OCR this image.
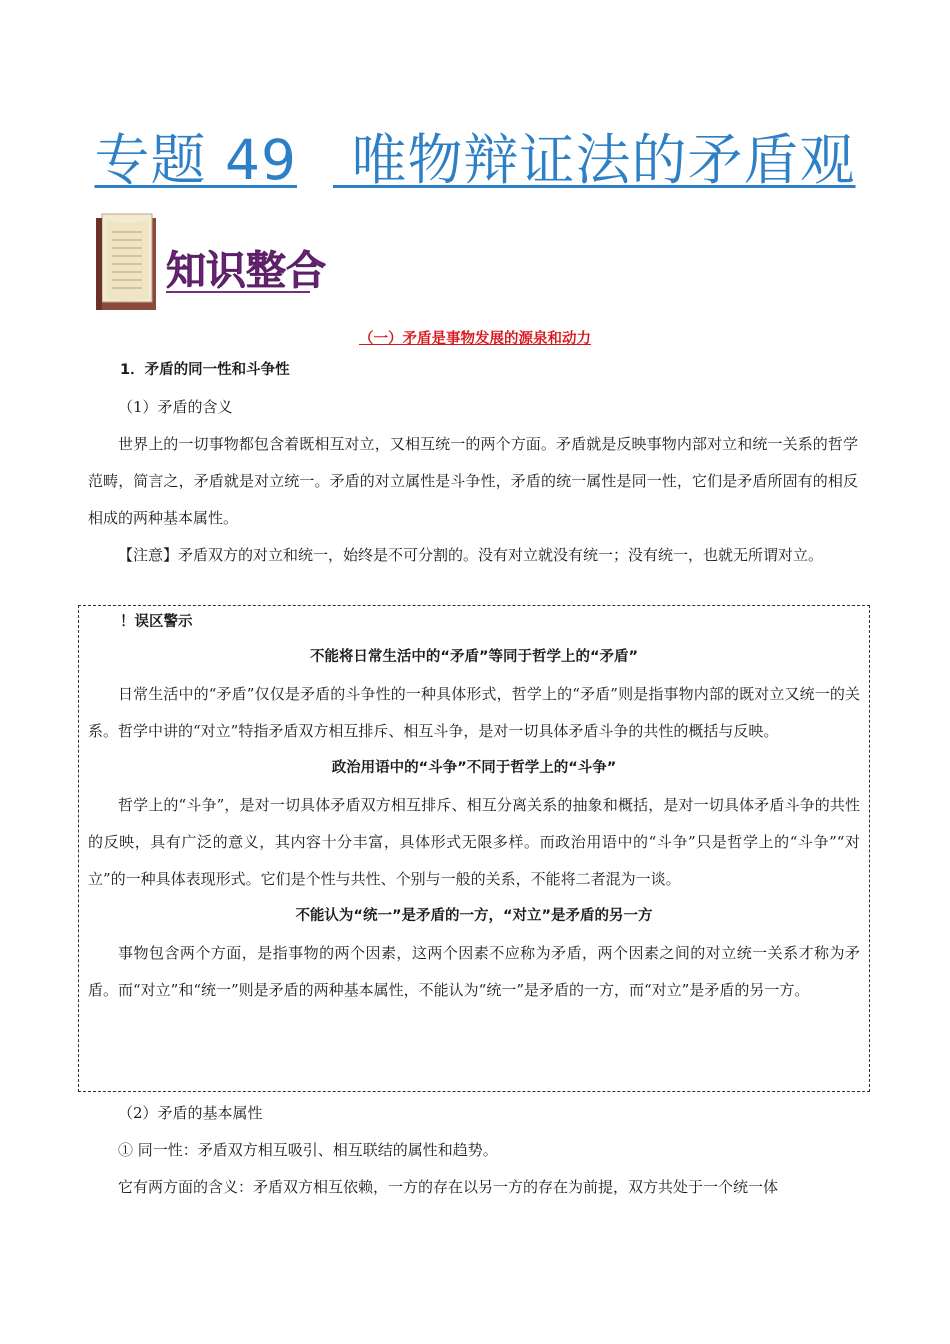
专题 49 唯物辩证法的矛盾观
知识整合
（一）矛盾是事物发展的源泉和动力

1．矛盾的同一性和斗争性

（1）矛盾的含义

世界上的一切事物都包含着既相互对立，又相互统一的两个方面。矛盾就是反映事物内部对立和统一关系的哲学范畴，简言之，矛盾就是对立统一。矛盾的对立属性是斗争性，矛盾的统一属性是同一性，它们是矛盾所固有的相反相成的两种基本属性。

【注意】矛盾双方的对立和统一，始终是不可分割的。没有对立就没有统一；没有统一，也就无所谓对立。

！误区警示

不能将日常生活中的“矛盾”等同于哲学上的“矛盾”

日常生活中的“矛盾”仅仅是矛盾的斗争性的一种具体形式，哲学上的“矛盾”则是指事物内部的既对立又统一的关系。哲学中讲的“对立”特指矛盾双方相互排斥、相互斗争，是对一切具体矛盾斗争的共性的概括与反映。

政治用语中的“斗争”不同于哲学上的“斗争”

哲学上的“斗争”，是对一切具体矛盾双方相互排斥、相互分离关系的抽象和概括，是对一切具体矛盾斗争的共性的反映，具有广泛的意义，其内容十分丰富，具体形式无限多样。而政治用语中的“斗争”只是哲学上的“斗争”“对立”的一种具体表现形式。它们是个性与共性、个别与一般的关系，不能将二者混为一谈。

不能认为“统一”是矛盾的一方，“对立”是矛盾的另一方

事物包含两个方面，是指事物的两个因素，这两个因素不应称为矛盾，两个因素之间的对立统一关系才称为矛盾。而“对立”和“统一”则是矛盾的两种基本属性，不能认为“统一”是矛盾的一方，而“对立”是矛盾的另一方。

（2）矛盾的基本属性

① 同一性：矛盾双方相互吸引、相互联结的属性和趋势。

它有两方面的含义：矛盾双方相互依赖，一方的存在以另一方的存在为前提，双方共处于一个统一体
